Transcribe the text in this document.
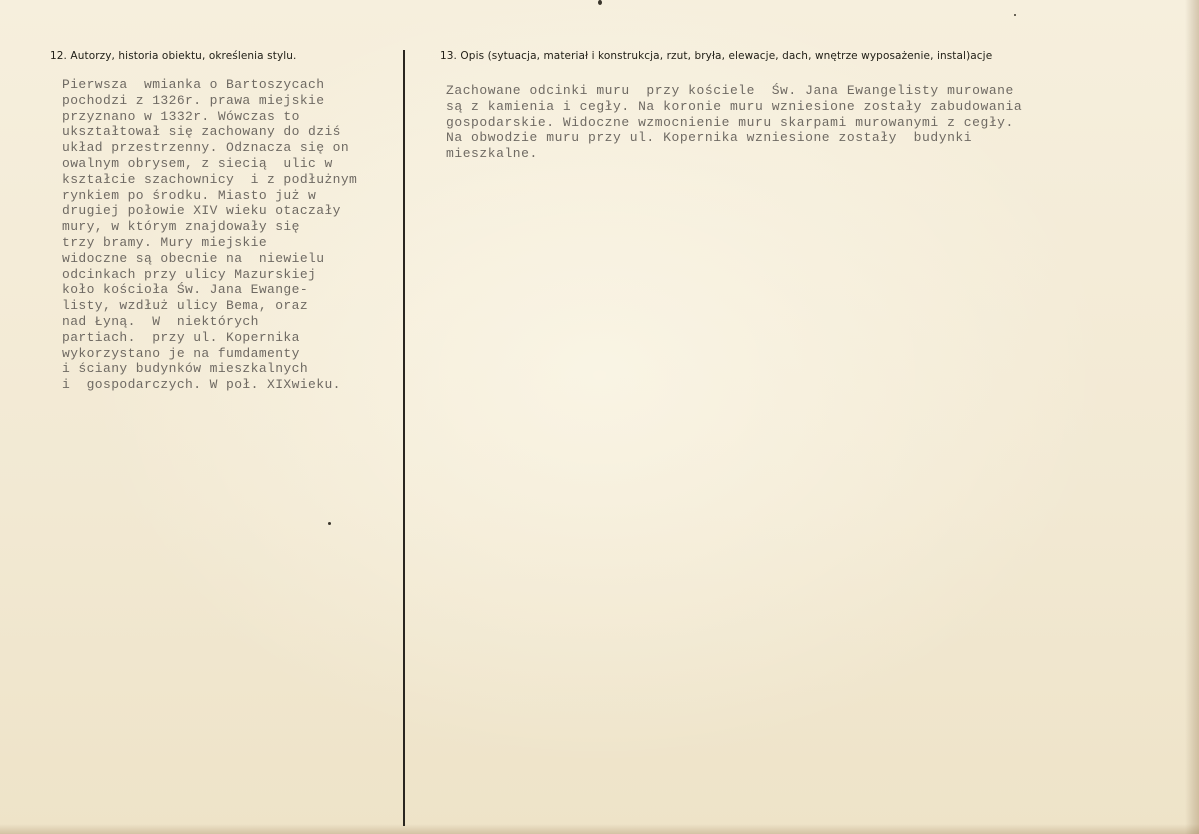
12. Autorzy, historia obiektu, określenia stylu.	13. Opis (sytuacja, materiał i konstrukcja, rzut, bryła, elewacje, dach, wnętrze wyposażenie, instal)acje
Pierwsza  wmianka o Bartoszycach
pochodzi z 1326r. prawa miejskie
przyznano w 1332r. Wówczas to
ukształtował się zachowany do dziś
układ przestrzenny. Odznacza się on
owalnym obrysem, z siecią  ulic w
kształcie szachownicy  i z podłużnym
rynkiem po środku. Miasto już w
drugiej połowie XIV wieku otaczały
mury, w którym znajdowały się
trzy bramy. Mury miejskie
widoczne są obecnie na  niewielu
odcinkach przy ulicy Mazurskiej
koło kościoła Św. Jana Ewange-
listy, wzdłuż ulicy Bema, oraz
nad Łyną.  W  niektórych
partiach.  przy ul. Kopernika
wykorzystano je na fumdamenty
i ściany budynków mieszkalnych
i  gospodarczych. W poł. XIXwieku.
Zachowane odcinki muru  przy kościele  Św. Jana Ewangelisty murowane
są z kamienia i cegły. Na koronie muru wzniesione zostały zabudowania
gospodarskie. Widoczne wzmocnienie muru skarpami murowanymi z cegły.
Na obwodzie muru przy ul. Kopernika wzniesione zostały  budynki
mieszkalne.
